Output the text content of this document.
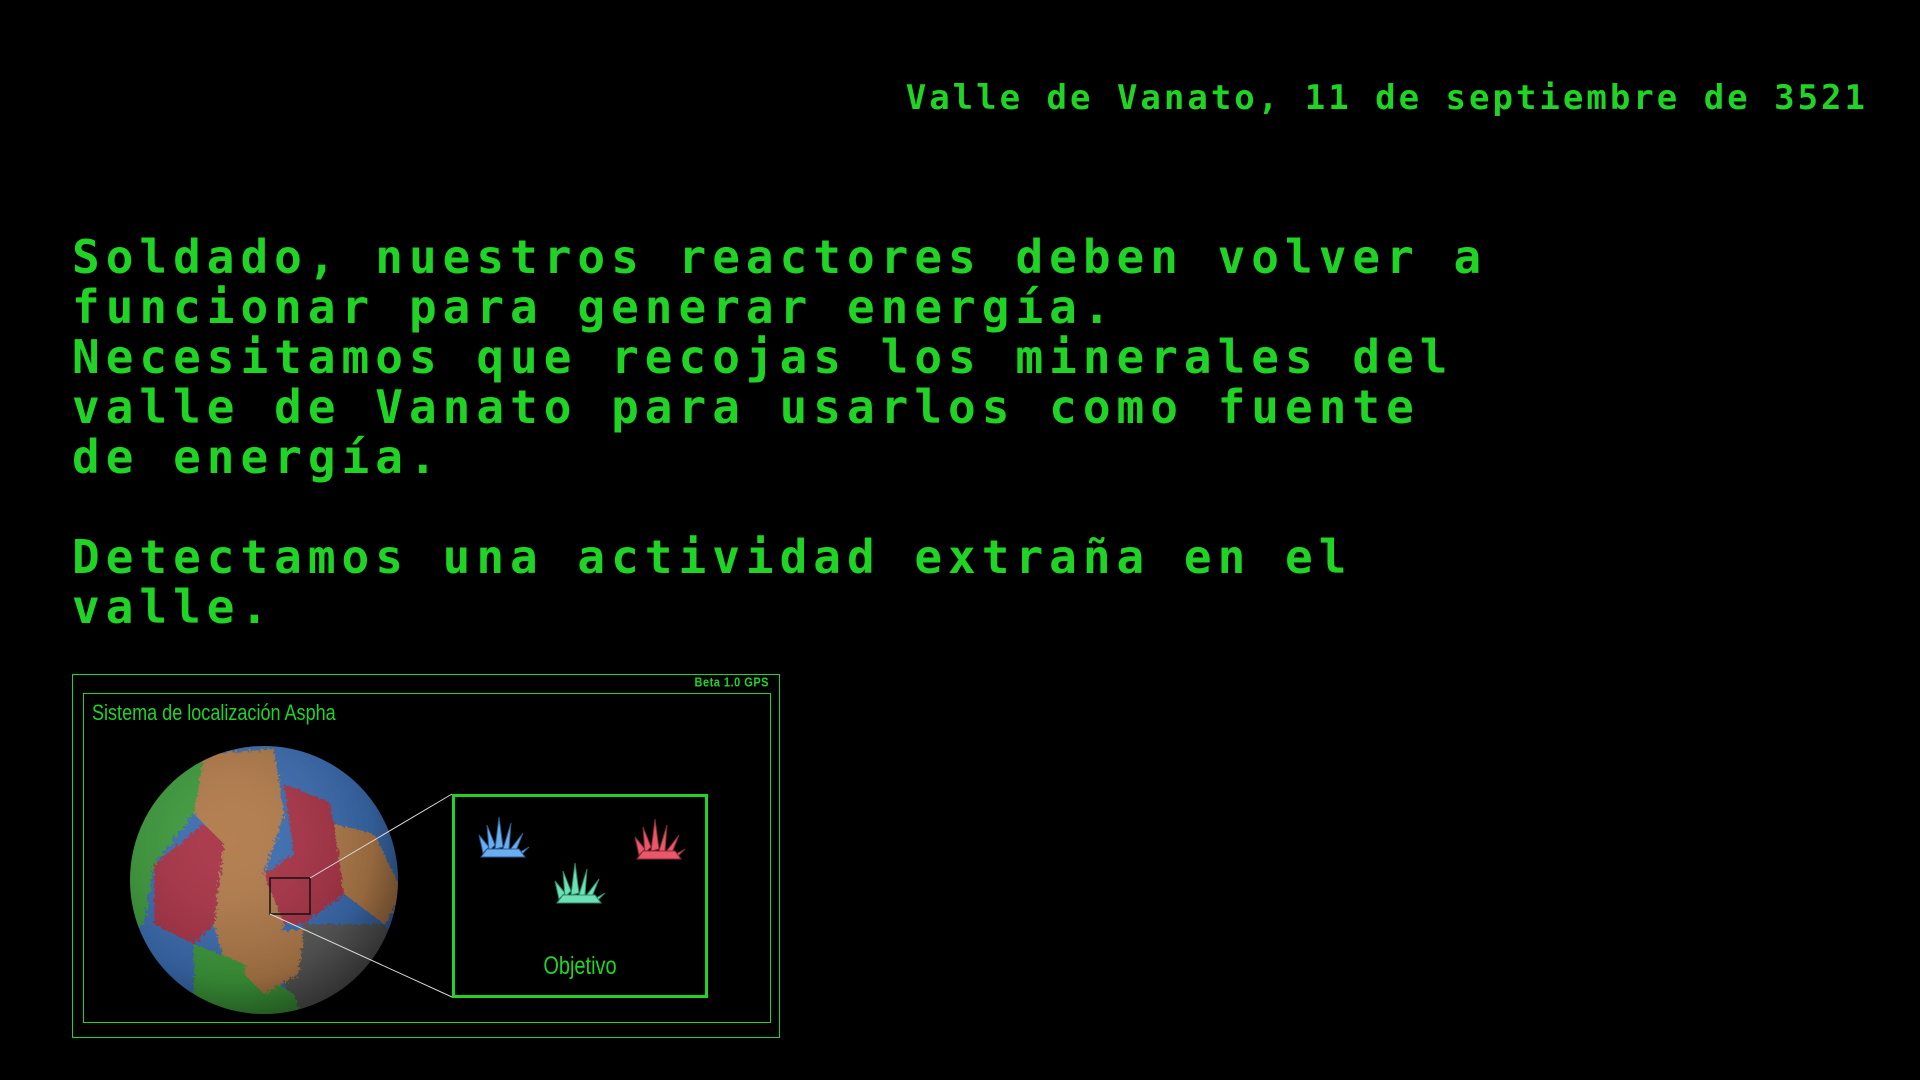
Valle de Vanato, 11 de septiembre de 3521

Soldado, nuestros reactores deben volver a
funcionar para generar energía.
Necesitamos que recojas los minerales del
valle de Vanato para usarlos como fuente
de energía.

Detectamos una actividad extraña en el
valle.

Beta 1.0 GPS
Sistema de localización Aspha
Objetivo
